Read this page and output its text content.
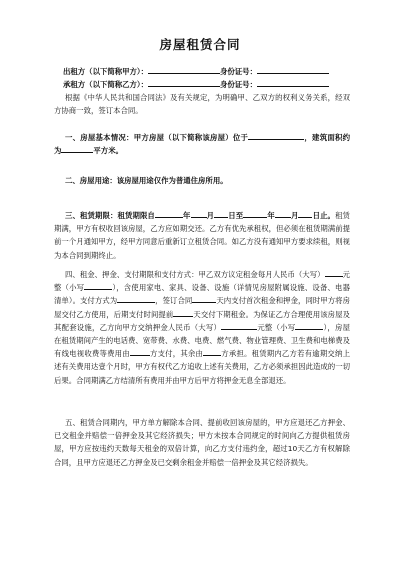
房屋租赁合同
出租方（以下简称甲方）：	身份证号：
承租方（以下简称乙方）：	身份证号：
根据《中华人民共和国合同法》及有关规定，为明确甲、乙双方的权利义务关系，经双方协商一致，签订本合同。
一、房屋基本情况：甲方房屋（以下简称该房屋）位于	，建筑面积约为	平方米。
二、房屋用途：该房屋用途仅作为普通住房所用。
三、租赁期限：租赁期限自	年 月 日至	年 月 日止。租赁期满，甲方有权收回该房屋，乙方应如期交还。乙方有优先承租权，但必须在租赁期满前提前一个月通知甲方，经甲方同意后重新订立租赁合同。如乙方没有通知甲方要求续租，则视为本合同到期终止。
四、租金、押金、支付期限和支付方式：甲乙双方议定租金每月人民币（大写） 元整（小写	），含使用家电、家具、设备、设施（详情见房屋附属设施、设备、电器清单）。支付方式为	，签订合同	天内支付首次租金和押金，同时甲方将房屋交付乙方使用，后期支付时间提前	天交付下期租金。为保证乙方合理使用该房屋及其配套设施，乙方向甲方交纳押金人民币（大写）	元整（小写	），房屋在租赁期间产生的电话费、宽带费、水费、电费、燃气费、物业管理费、卫生费和电梯费及有线电视收费等费用由	方支付，其余由 方承担。租赁期内乙方若有逾期交纳上述有关费用达壹个月时，甲方有权代乙方追收上述有关费用，乙方必须承担因此造成的一切后果。合同期满乙方结清所有费用并由甲方后甲方将押金无息全部退还。
五、租赁合同期内，甲方单方解除本合同、提前收回该房屋的，甲方应退还乙方押金、已交租金并赔偿一倍押金及其它经济损失；甲方未按本合同规定的时间向乙方提供租赁房屋，甲方应按违约天数每天租金的双倍计算，向乙方支付违约金，超过10天乙方有权解除合同，且甲方应退还乙方押金及已交剩余租金并赔偿一倍押金及其它经济损失。
